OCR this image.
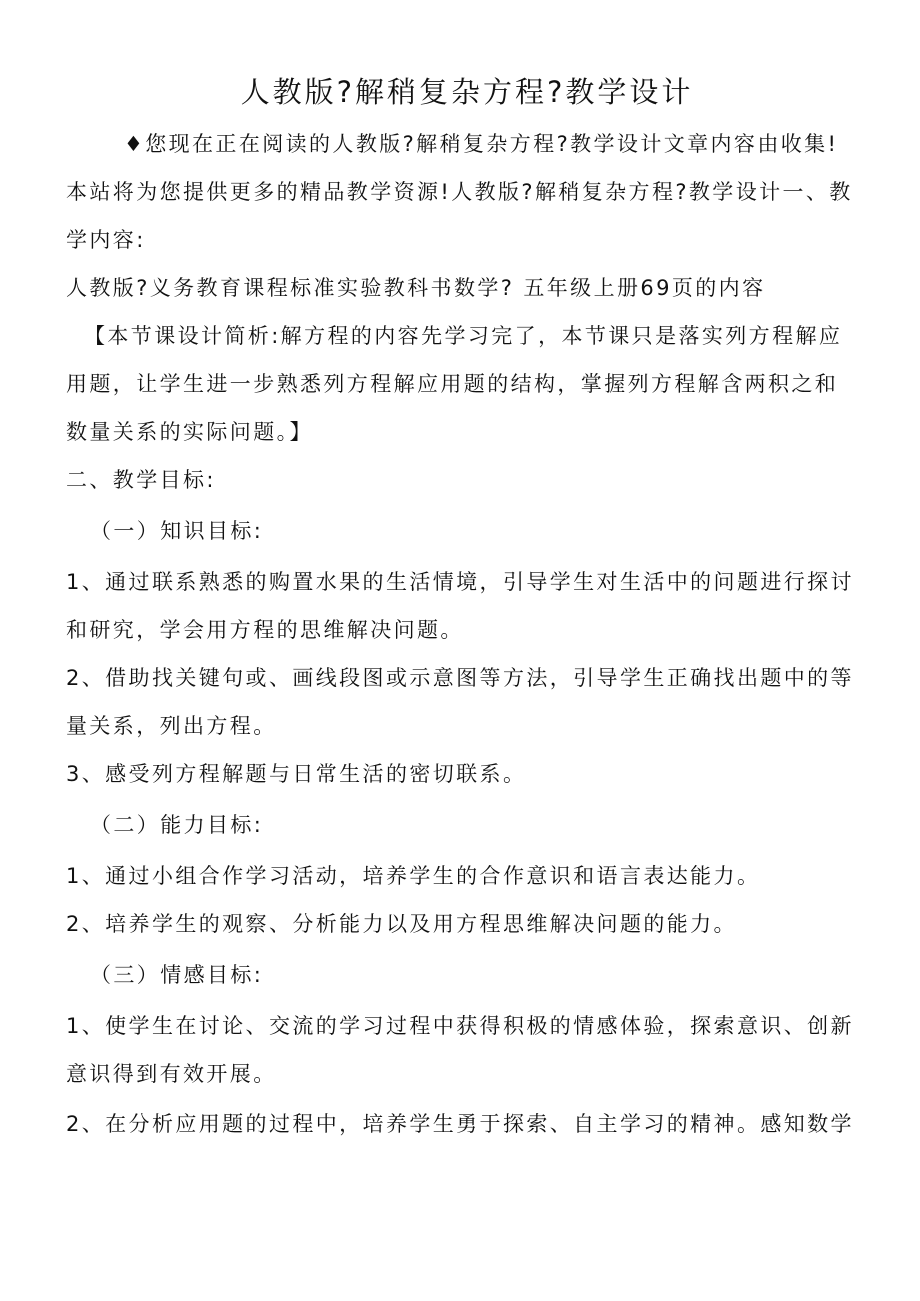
人教版?解稍复杂方程?教学设计

♦您现在正在阅读的人教版?解稍复杂方程?教学设计文章内容由收集!本站将为您提供更多的精品教学资源!人教版?解稍复杂方程?教学设计一、教学内容:

人教版?义务教育课程标准实验教科书数学? 五年级上册69页的内容

【本节课设计简析:解方程的内容先学习完了，本节课只是落实列方程解应用题，让学生进一步熟悉列方程解应用题的结构，掌握列方程解含两积之和数量关系的实际问题。】

二、教学目标:

（一）知识目标:

1、通过联系熟悉的购置水果的生活情境，引导学生对生活中的问题进行探讨和研究，学会用方程的思维解决问题。

2、借助找关键句或、画线段图或示意图等方法，引导学生正确找出题中的等量关系，列出方程。

3、感受列方程解题与日常生活的密切联系。

（二）能力目标:

1、通过小组合作学习活动，培养学生的合作意识和语言表达能力。

2、培养学生的观察、分析能力以及用方程思维解决问题的能力。

（三）情感目标:

1、使学生在讨论、交流的学习过程中获得积极的情感体验，探索意识、创新意识得到有效开展。

2、在分析应用题的过程中，培养学生勇于探索、自主学习的精神。感知数学
